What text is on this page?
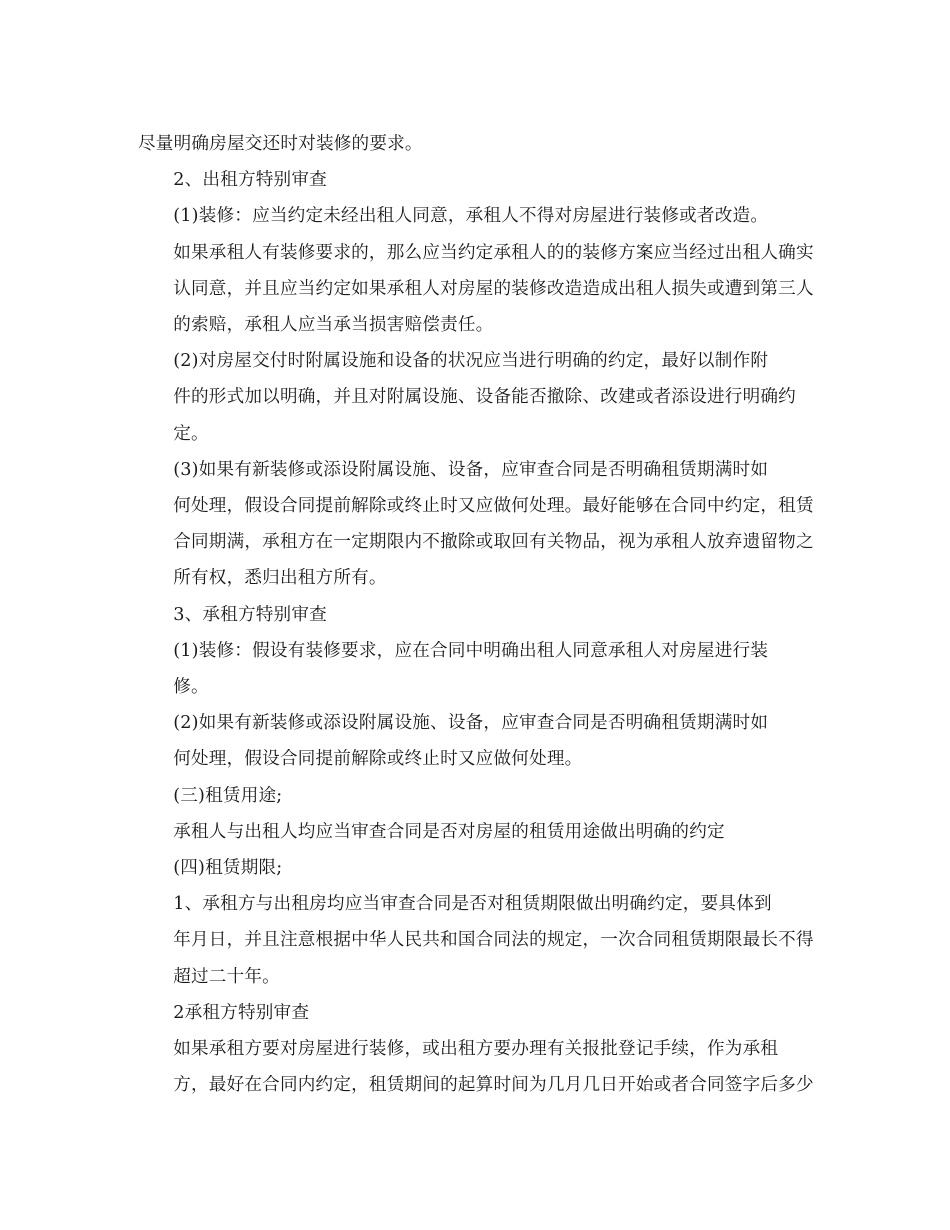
尽量明确房屋交还时对装修的要求。

2、出租方特别审查

(1)装修：应当约定未经出租人同意，承租人不得对房屋进行装修或者改造。
如果承租人有装修要求的，那么应当约定承租人的的装修方案应当经过出租人确实
认同意，并且应当约定如果承租人对房屋的装修改造造成出租人损失或遭到第三人
的索赔，承租人应当承当损害赔偿责任。

(2)对房屋交付时附属设施和设备的状况应当进行明确的约定，最好以制作附
件的形式加以明确，并且对附属设施、设备能否撤除、改建或者添设进行明确约
定。

(3)如果有新装修或添设附属设施、设备，应审查合同是否明确租赁期满时如
何处理，假设合同提前解除或终止时又应做何处理。最好能够在合同中约定，租赁
合同期满，承租方在一定期限内不撤除或取回有关物品，视为承租人放弃遗留物之
所有权，悉归出租方所有。

3、承租方特别审查

(1)装修：假设有装修要求，应在合同中明确出租人同意承租人对房屋进行装
修。

(2)如果有新装修或添设附属设施、设备，应审查合同是否明确租赁期满时如
何处理，假设合同提前解除或终止时又应做何处理。

(三)租赁用途;

承租人与出租人均应当审查合同是否对房屋的租赁用途做出明确的约定

(四)租赁期限;

1、承租方与出租房均应当审查合同是否对租赁期限做出明确约定，要具体到
年月日，并且注意根据中华人民共和国合同法的规定，一次合同租赁期限最长不得
超过二十年。

2承租方特别审查

如果承租方要对房屋进行装修，或出租方要办理有关报批登记手续，作为承租
方，最好在合同内约定，租赁期间的起算时间为几月几日开始或者合同签字后多少
